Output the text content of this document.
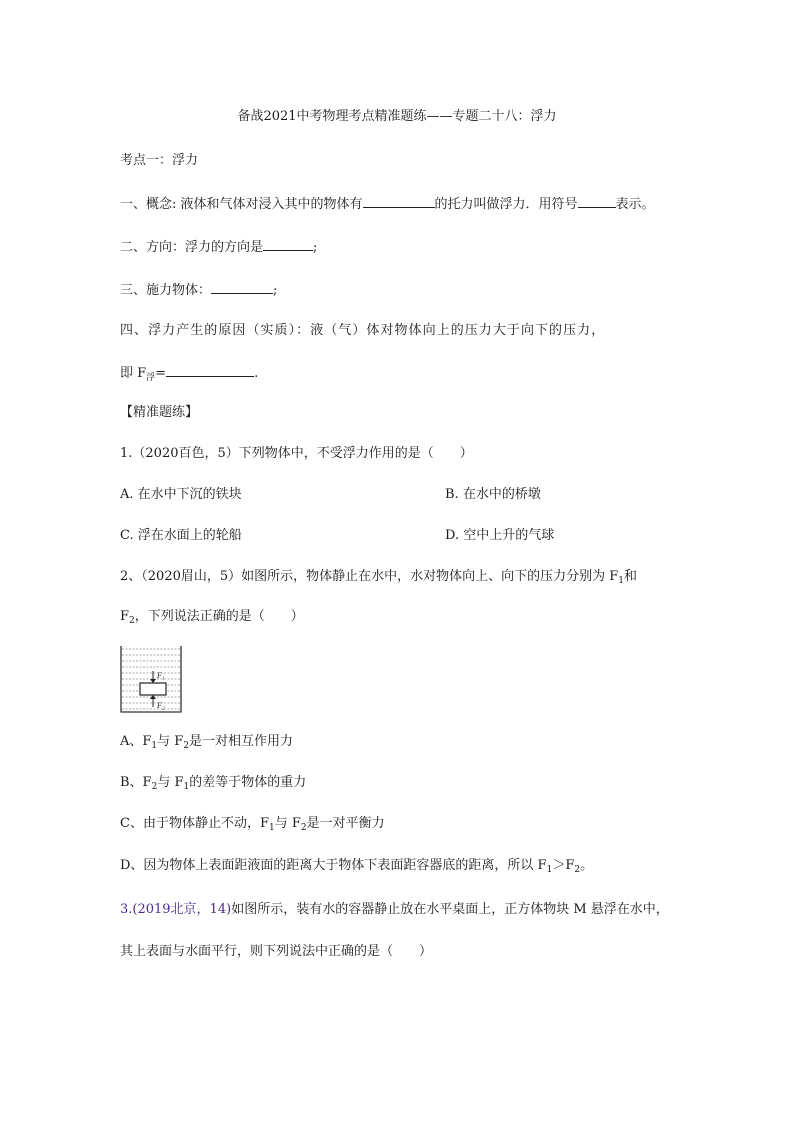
备战2021中考物理考点精准题练——专题二十八：浮力
考点一：浮力
一、概念: 液体和气体对浸入其中的物体有	的托力叫做浮力．用符号	表示。
二、方向：浮力的方向是	;
三、施力物体：	;
四、浮力产生的原因（实质）：液（气）体对物体向上的压力大于向下的压力，
即 $F_浮=$	.
【精准题练】
1.（2020百色，5）下列物体中，不受浮力作用的是（　　）
A. 在水中下沉的铁块	B. 在水中的桥墩
C. 浮在水面上的轮船	D. 空中上升的气球
2、（2020眉山，5）如图所示，物体静止在水中，水对物体向上、向下的压力分别为 $F_1$和
$F_2$，下列说法正确的是（　　）
F₁
F₂
A、$F_1$与 $F_2$是一对相互作用力
B、$F_2$与 $F_1$的差等于物体的重力
C、由于物体静止不动，$F_1$与 $F_2$是一对平衡力
D、因为物体上表面距液面的距离大于物体下表面距容器底的距离，所以 $F_1>F_2$。
3.(2019北京，14)如图所示，装有水的容器静止放在水平桌面上，正方体物块 M 悬浮在水中，
其上表面与水面平行，则下列说法中正确的是（　　）
